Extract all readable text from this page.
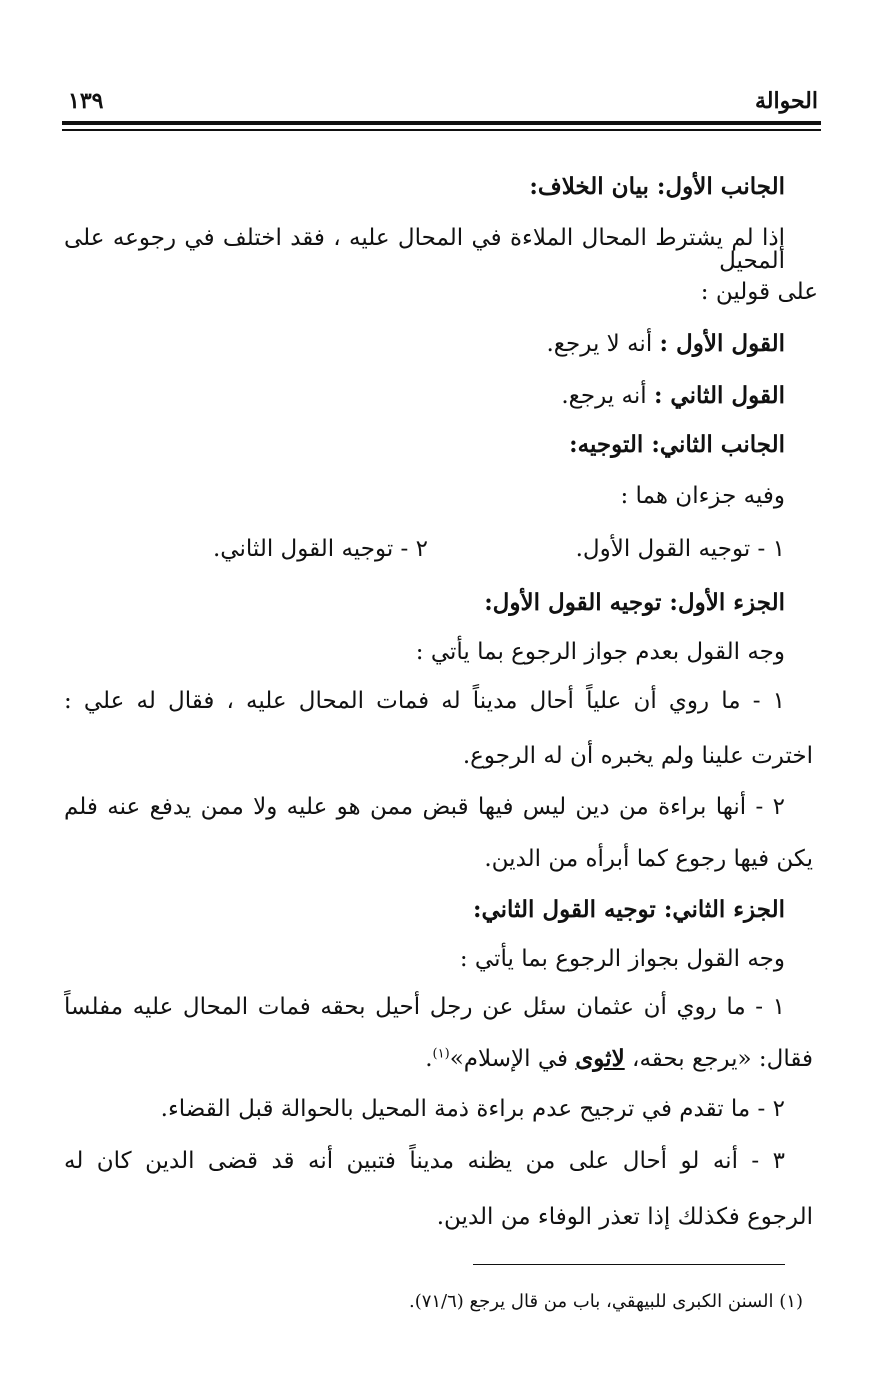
الحوالة
١٣٩
الجانب الأول: بيان الخلاف:
إذا لم يشترط المحال الملاءة في المحال عليه ، فقد اختلف في رجوعه على المحيل
على قولين :
القول الأول : أنه لا يرجع.
القول الثاني : أنه يرجع.
الجانب الثاني: التوجيه:
وفيه جزءان هما :
١ - توجيه القول الأول.
٢ - توجيه القول الثاني.
الجزء الأول: توجيه القول الأول:
وجه القول بعدم جواز الرجوع بما يأتي :
١ - ما روي أن علياً أحال مديناً له فمات المحال عليه ، فقال له علي :
اخترت علينا ولم يخبره أن له الرجوع.
٢ - أنها براءة من دين ليس فيها قبض ممن هو عليه ولا ممن يدفع عنه فلم
يكن فيها رجوع كما أبرأه من الدين.
الجزء الثاني: توجيه القول الثاني:
وجه القول بجواز الرجوع بما يأتي :
١ - ما روي أن عثمان سئل عن رجل أحيل بحقه فمات المحال عليه مفلساً
فقال: «يرجع بحقه، لاثوى في الإسلام»$^{(١)}$.
٢ - ما تقدم في ترجيح عدم براءة ذمة المحيل بالحوالة قبل القضاء.
٣ - أنه لو أحال على من يظنه مديناً فتبين أنه قد قضى الدين كان له
الرجوع فكذلك إذا تعذر الوفاء من الدين.
(١) السنن الكبرى للبيهقي، باب من قال يرجع (٧١/٦).
